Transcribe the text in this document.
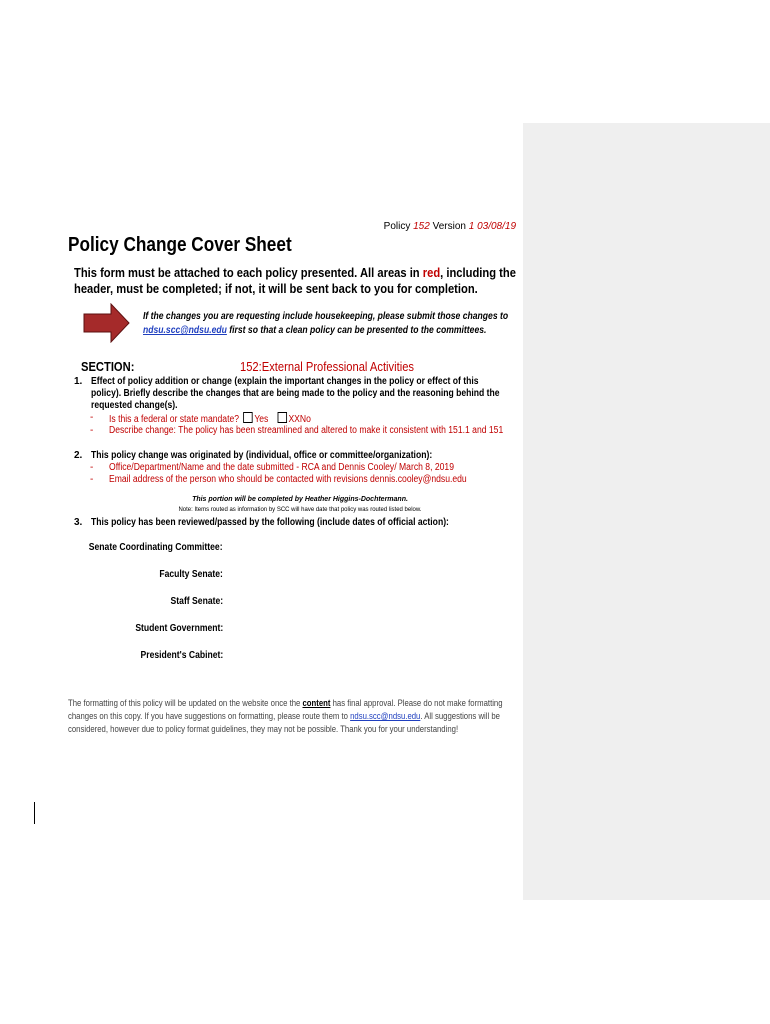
Policy 152 Version 1 03/08/19
Policy Change Cover Sheet
This form must be attached to each policy presented. All areas in red, including the
header, must be completed; if not, it will be sent back to you for completion.
If the changes you are requesting include housekeeping, please submit those changes to
ndsu.scc@ndsu.edu first so that a clean policy can be presented to the committees.
SECTION:	152:External Professional Activities
1. Effect of policy addition or change (explain the important changes in the policy or effect of this
policy). Briefly describe the changes that are being made to the policy and the reasoning behind the
requested change(s).
- Is this a federal or state mandate? Yes XXNo
- Describe change: The policy has been streamlined and altered to make it consistent with 151.1 and 151
2. This policy change was originated by (individual, office or committee/organization):
- Office/Department/Name and the date submitted - RCA and Dennis Cooley/ March 8, 2019
- Email address of the person who should be contacted with revisions dennis.cooley@ndsu.edu
This portion will be completed by Heather Higgins-Dochtermann.
Note: Items routed as information by SCC will have date that policy was routed listed below.
3. This policy has been reviewed/passed by the following (include dates of official action):
Senate Coordinating Committee:
Faculty Senate:
Staff Senate:
Student Government:
President's Cabinet:
The formatting of this policy will be updated on the website once the content has final approval. Please do not make formatting
changes on this copy. If you have suggestions on formatting, please route them to ndsu.scc@ndsu.edu. All suggestions will be
considered, however due to policy format guidelines, they may not be possible. Thank you for your understanding!
